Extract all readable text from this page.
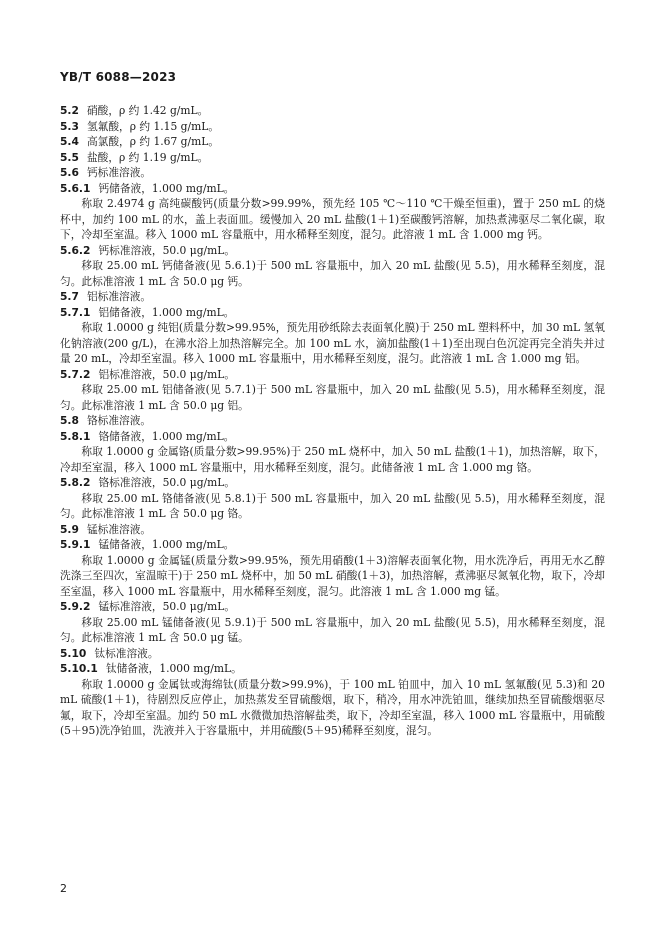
YB/T 6088—2023
5.2 硝酸，ρ 约 1.42 g/mL。
5.3 氢氟酸，ρ 约 1.15 g/mL。
5.4 高氯酸，ρ 约 1.67 g/mL。
5.5 盐酸，ρ 约 1.19 g/mL。
5.6 钙标准溶液。
5.6.1 钙储备液，1.000 mg/mL。
称取 2.4974 g 高纯碳酸钙(质量分数>99.99%，预先经 105 ℃～110 ℃干燥至恒重)，置于 250 mL 的烧杯中，加约 100 mL 的水，盖上表面皿。缓慢加入 20 mL 盐酸(1＋1)至碳酸钙溶解，加热煮沸驱尽二氧化碳，取下，冷却至室温。移入 1000 mL 容量瓶中，用水稀释至刻度，混匀。此溶液 1 mL 含 1.000 mg 钙。
5.6.2 钙标准溶液，50.0 μg/mL。
移取 25.00 mL 钙储备液(见 5.6.1)于 500 mL 容量瓶中，加入 20 mL 盐酸(见 5.5)，用水稀释至刻度，混匀。此标准溶液 1 mL 含 50.0 μg 钙。
5.7 铝标准溶液。
5.7.1 铝储备液，1.000 mg/mL。
称取 1.0000 g 纯铝(质量分数>99.95%，预先用砂纸除去表面氧化膜)于 250 mL 塑料杯中，加 30 mL 氢氧化钠溶液(200 g/L)，在沸水浴上加热溶解完全。加 100 mL 水，滴加盐酸(1＋1)至出现白色沉淀再完全消失并过量 20 mL，冷却至室温。移入 1000 mL 容量瓶中，用水稀释至刻度，混匀。此溶液 1 mL 含 1.000 mg 铝。
5.7.2 铝标准溶液，50.0 μg/mL。
移取 25.00 mL 铝储备液(见 5.7.1)于 500 mL 容量瓶中，加入 20 mL 盐酸(见 5.5)，用水稀释至刻度，混匀。此标准溶液 1 mL 含 50.0 μg 铝。
5.8 铬标准溶液。
5.8.1 铬储备液，1.000 mg/mL。
称取 1.0000 g 金属铬(质量分数>99.95%)于 250 mL 烧杯中，加入 50 mL 盐酸(1＋1)，加热溶解，取下，冷却至室温，移入 1000 mL 容量瓶中，用水稀释至刻度，混匀。此储备液 1 mL 含 1.000 mg 铬。
5.8.2 铬标准溶液，50.0 μg/mL。
移取 25.00 mL 铬储备液(见 5.8.1)于 500 mL 容量瓶中，加入 20 mL 盐酸(见 5.5)，用水稀释至刻度，混匀。此标准溶液 1 mL 含 50.0 μg 铬。
5.9 锰标准溶液。
5.9.1 锰储备液，1.000 mg/mL。
称取 1.0000 g 金属锰(质量分数>99.95%，预先用硝酸(1＋3)溶解表面氧化物，用水洗净后，再用无水乙醇洗涤三至四次，室温晾干)于 250 mL 烧杯中，加 50 mL 硝酸(1＋3)，加热溶解，煮沸驱尽氮氧化物，取下，冷却至室温，移入 1000 mL 容量瓶中，用水稀释至刻度，混匀。此溶液 1 mL 含 1.000 mg 锰。
5.9.2 锰标准溶液，50.0 μg/mL。
移取 25.00 mL 锰储备液(见 5.9.1)于 500 mL 容量瓶中，加入 20 mL 盐酸(见 5.5)，用水稀释至刻度，混匀。此标准溶液 1 mL 含 50.0 μg 锰。
5.10 钛标准溶液。
5.10.1 钛储备液，1.000 mg/mL。
称取 1.0000 g 金属钛或海绵钛(质量分数>99.9%)，于 100 mL 铂皿中，加入 10 mL 氢氟酸(见 5.3)和 20 mL 硫酸(1＋1)，待剧烈反应停止，加热蒸发至冒硫酸烟，取下，稍冷，用水冲洗铂皿，继续加热至冒硫酸烟驱尽氟，取下，冷却至室温。加约 50 mL 水微微加热溶解盐类，取下，冷却至室温，移入 1000 mL 容量瓶中，用硫酸(5＋95)洗净铂皿，洗液并入于容量瓶中，并用硫酸(5＋95)稀释至刻度，混匀。
2
